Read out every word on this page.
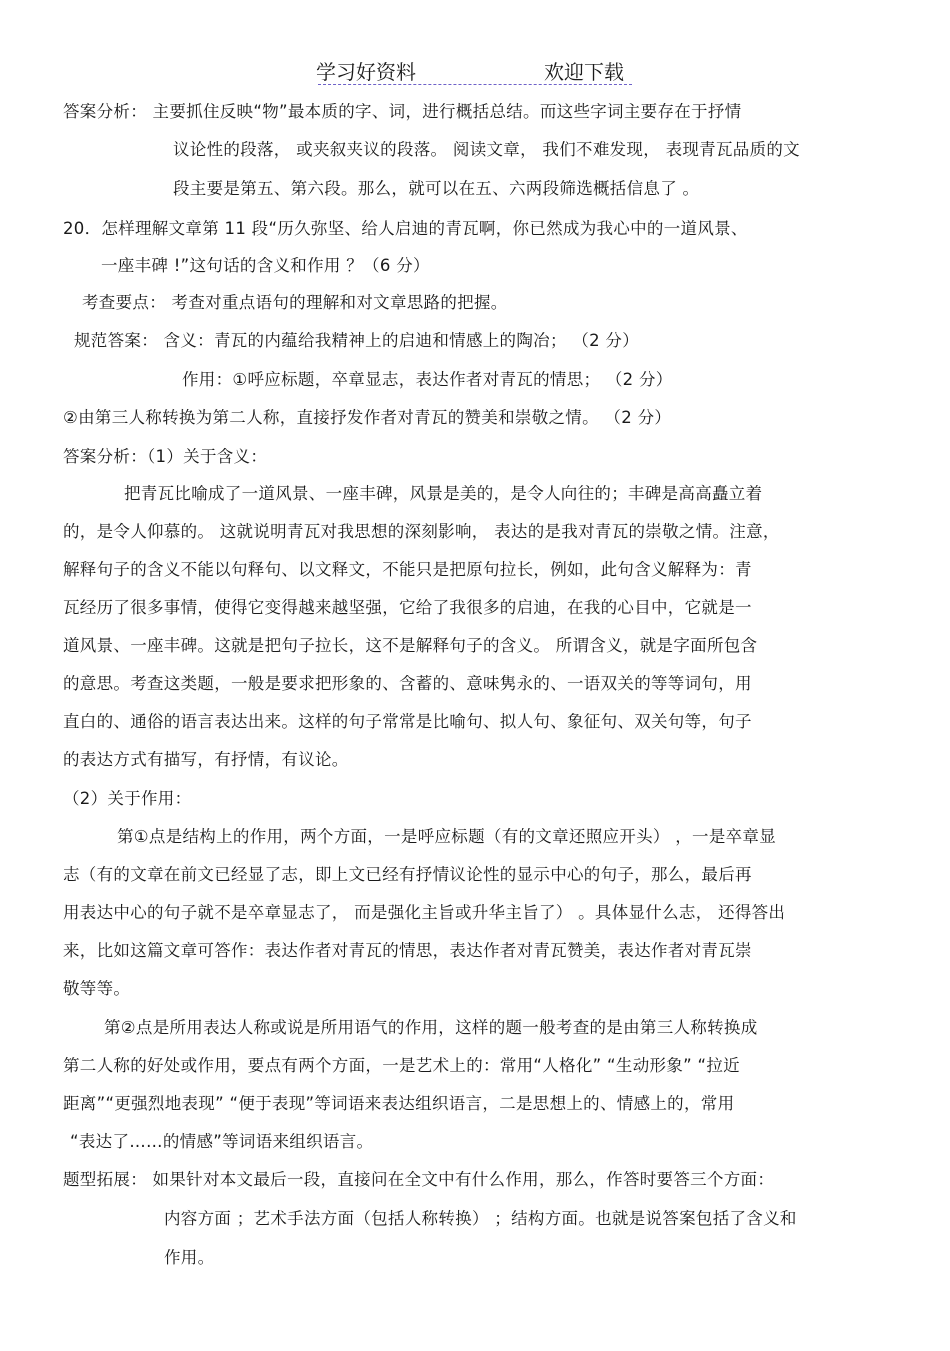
学习好资料	欢迎下载
答案分析： 主要抓住反映“物”最本质的字、词，进行概括总结。而这些字词主要存在于抒情
议论性的段落， 或夹叙夹议的段落。 阅读文章， 我们不难发现， 表现青瓦品质的文
段主要是第五、第六段。那么，就可以在五、六两段筛选概括信息了 。
20．怎样理解文章第 11 段“历久弥坚、给人启迪的青瓦啊，你已然成为我心中的一道风景、
一座丰碑 !”这句话的含义和作用 ？（6 分）
考查要点： 考查对重点语句的理解和对文章思路的把握。
规范答案： 含义：青瓦的内蕴给我精神上的启迪和情感上的陶冶； （2 分）
作用：①呼应标题，卒章显志，表达作者对青瓦的情思； （2 分）
②由第三人称转换为第二人称，直接抒发作者对青瓦的赞美和崇敬之情。 （2 分）
答案分析：（1）关于含义：
把青瓦比喻成了一道风景、一座丰碑，风景是美的，是令人向往的；丰碑是高高矗立着
的，是令人仰慕的。 这就说明青瓦对我思想的深刻影响， 表达的是我对青瓦的崇敬之情。注意，
解释句子的含义不能以句释句、以文释文，不能只是把原句拉长，例如，此句含义解释为：青
瓦经历了很多事情，使得它变得越来越坚强，它给了我很多的启迪，在我的心目中，它就是一
道风景、一座丰碑。这就是把句子拉长，这不是解释句子的含义。 所谓含义，就是字面所包含
的意思。考查这类题，一般是要求把形象的、含蓄的、意味隽永的、一语双关的等等词句，用
直白的、通俗的语言表达出来。这样的句子常常是比喻句、拟人句、象征句、双关句等，句子
的表达方式有描写，有抒情，有议论。
（2）关于作用：
第①点是结构上的作用，两个方面，一是呼应标题（有的文章还照应开头） ，一是卒章显
志（有的文章在前文已经显了志，即上文已经有抒情议论性的显示中心的句子，那么，最后再
用表达中心的句子就不是卒章显志了， 而是强化主旨或升华主旨了） 。具体显什么志， 还得答出
来，比如这篇文章可答作：表达作者对青瓦的情思，表达作者对青瓦赞美，表达作者对青瓦崇
敬等等。
第②点是所用表达人称或说是所用语气的作用，这样的题一般考查的是由第三人称转换成
第二人称的好处或作用，要点有两个方面，一是艺术上的：常用“人格化” “生动形象” “拉近
距离”“更强烈地表现” “便于表现”等词语来表达组织语言，二是思想上的、情感上的，常用
“表达了……的情感”等词语来组织语言。
题型拓展： 如果针对本文最后一段，直接问在全文中有什么作用，那么，作答时要答三个方面：
内容方面 ；艺术手法方面（包括人称转换） ；结构方面。也就是说答案包括了含义和
作用。
